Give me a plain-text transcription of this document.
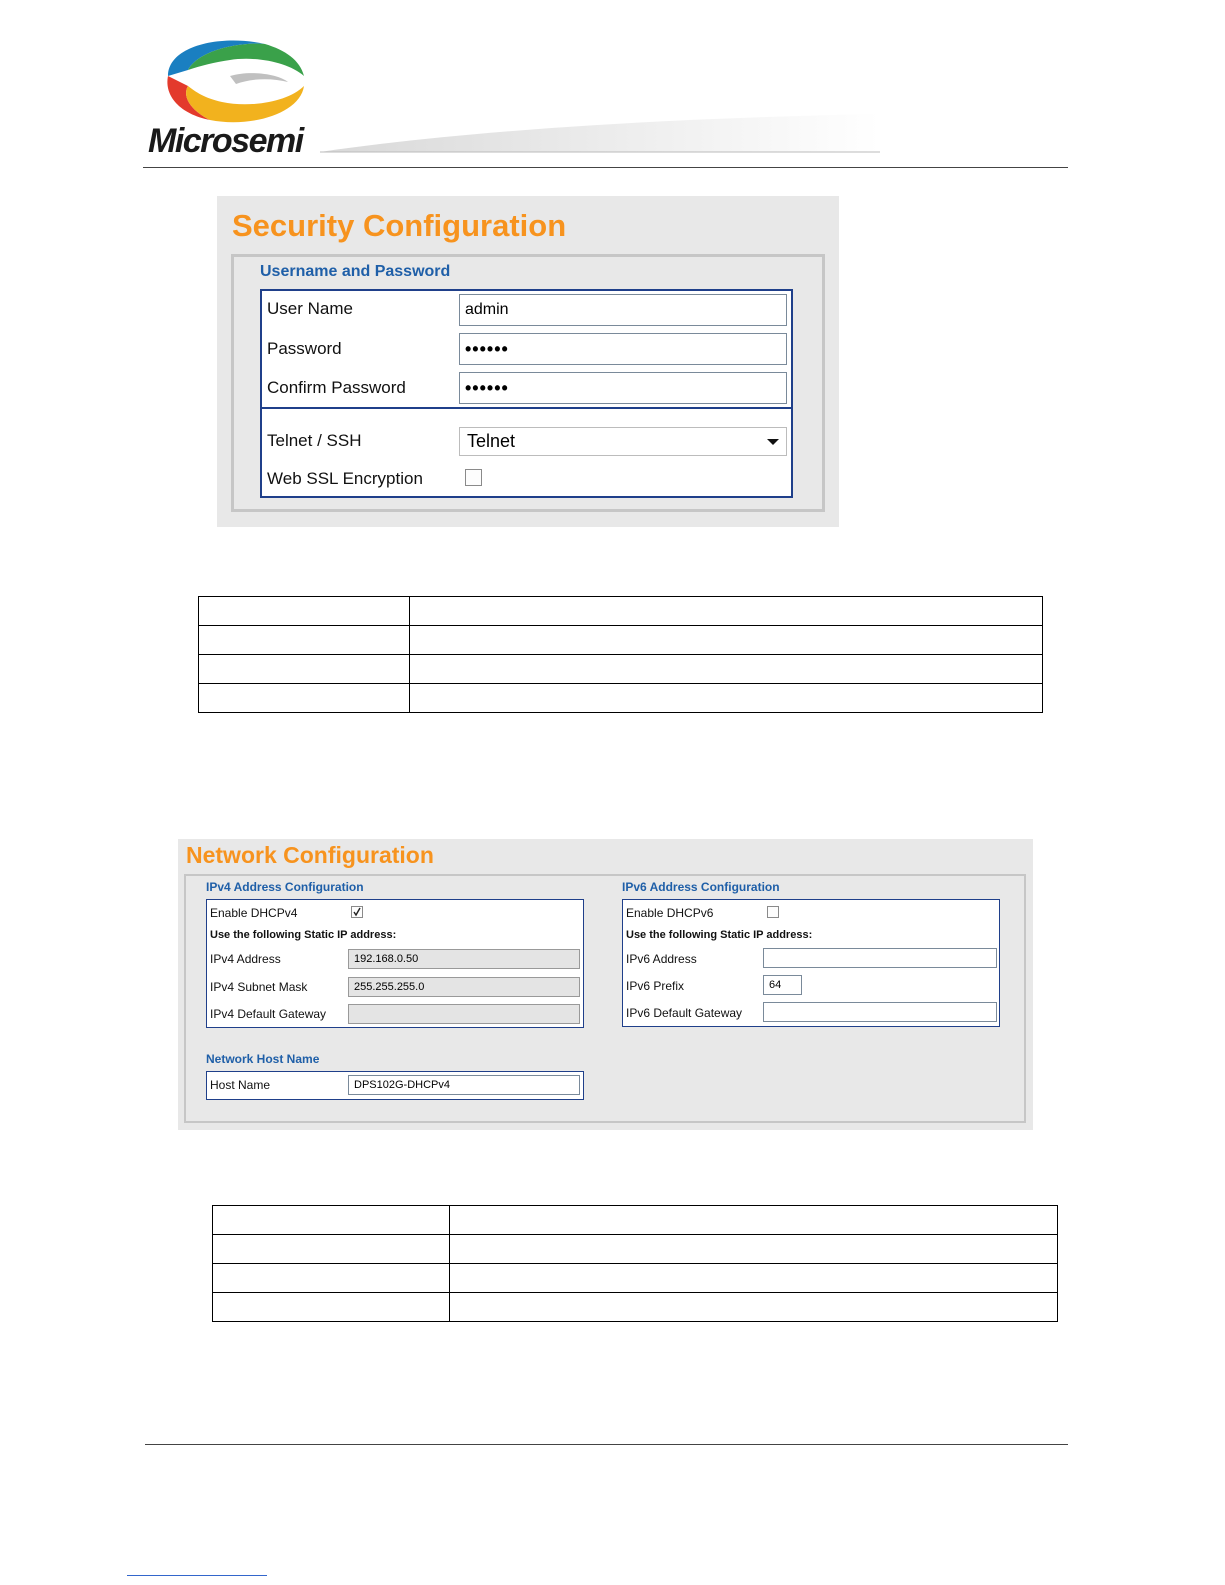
Microsemi
Security Configuration
Username and Password
User Name	admin
Password	••••••
Confirm Password	••••••
Telnet / SSH	Telnet
Web SSL Encryption

Network Configuration
IPv4 Address Configuration
Enable DHCPv4
Use the following Static IP address:
IPv4 Address	192.168.0.50
IPv4 Subnet Mask	255.255.255.0
IPv4 Default Gateway
IPv6 Address Configuration
Enable DHCPv6
Use the following Static IP address:
IPv6 Address
IPv6 Prefix	64
IPv6 Default Gateway
Network Host Name
Host Name	DPS102G-DHCPv4
